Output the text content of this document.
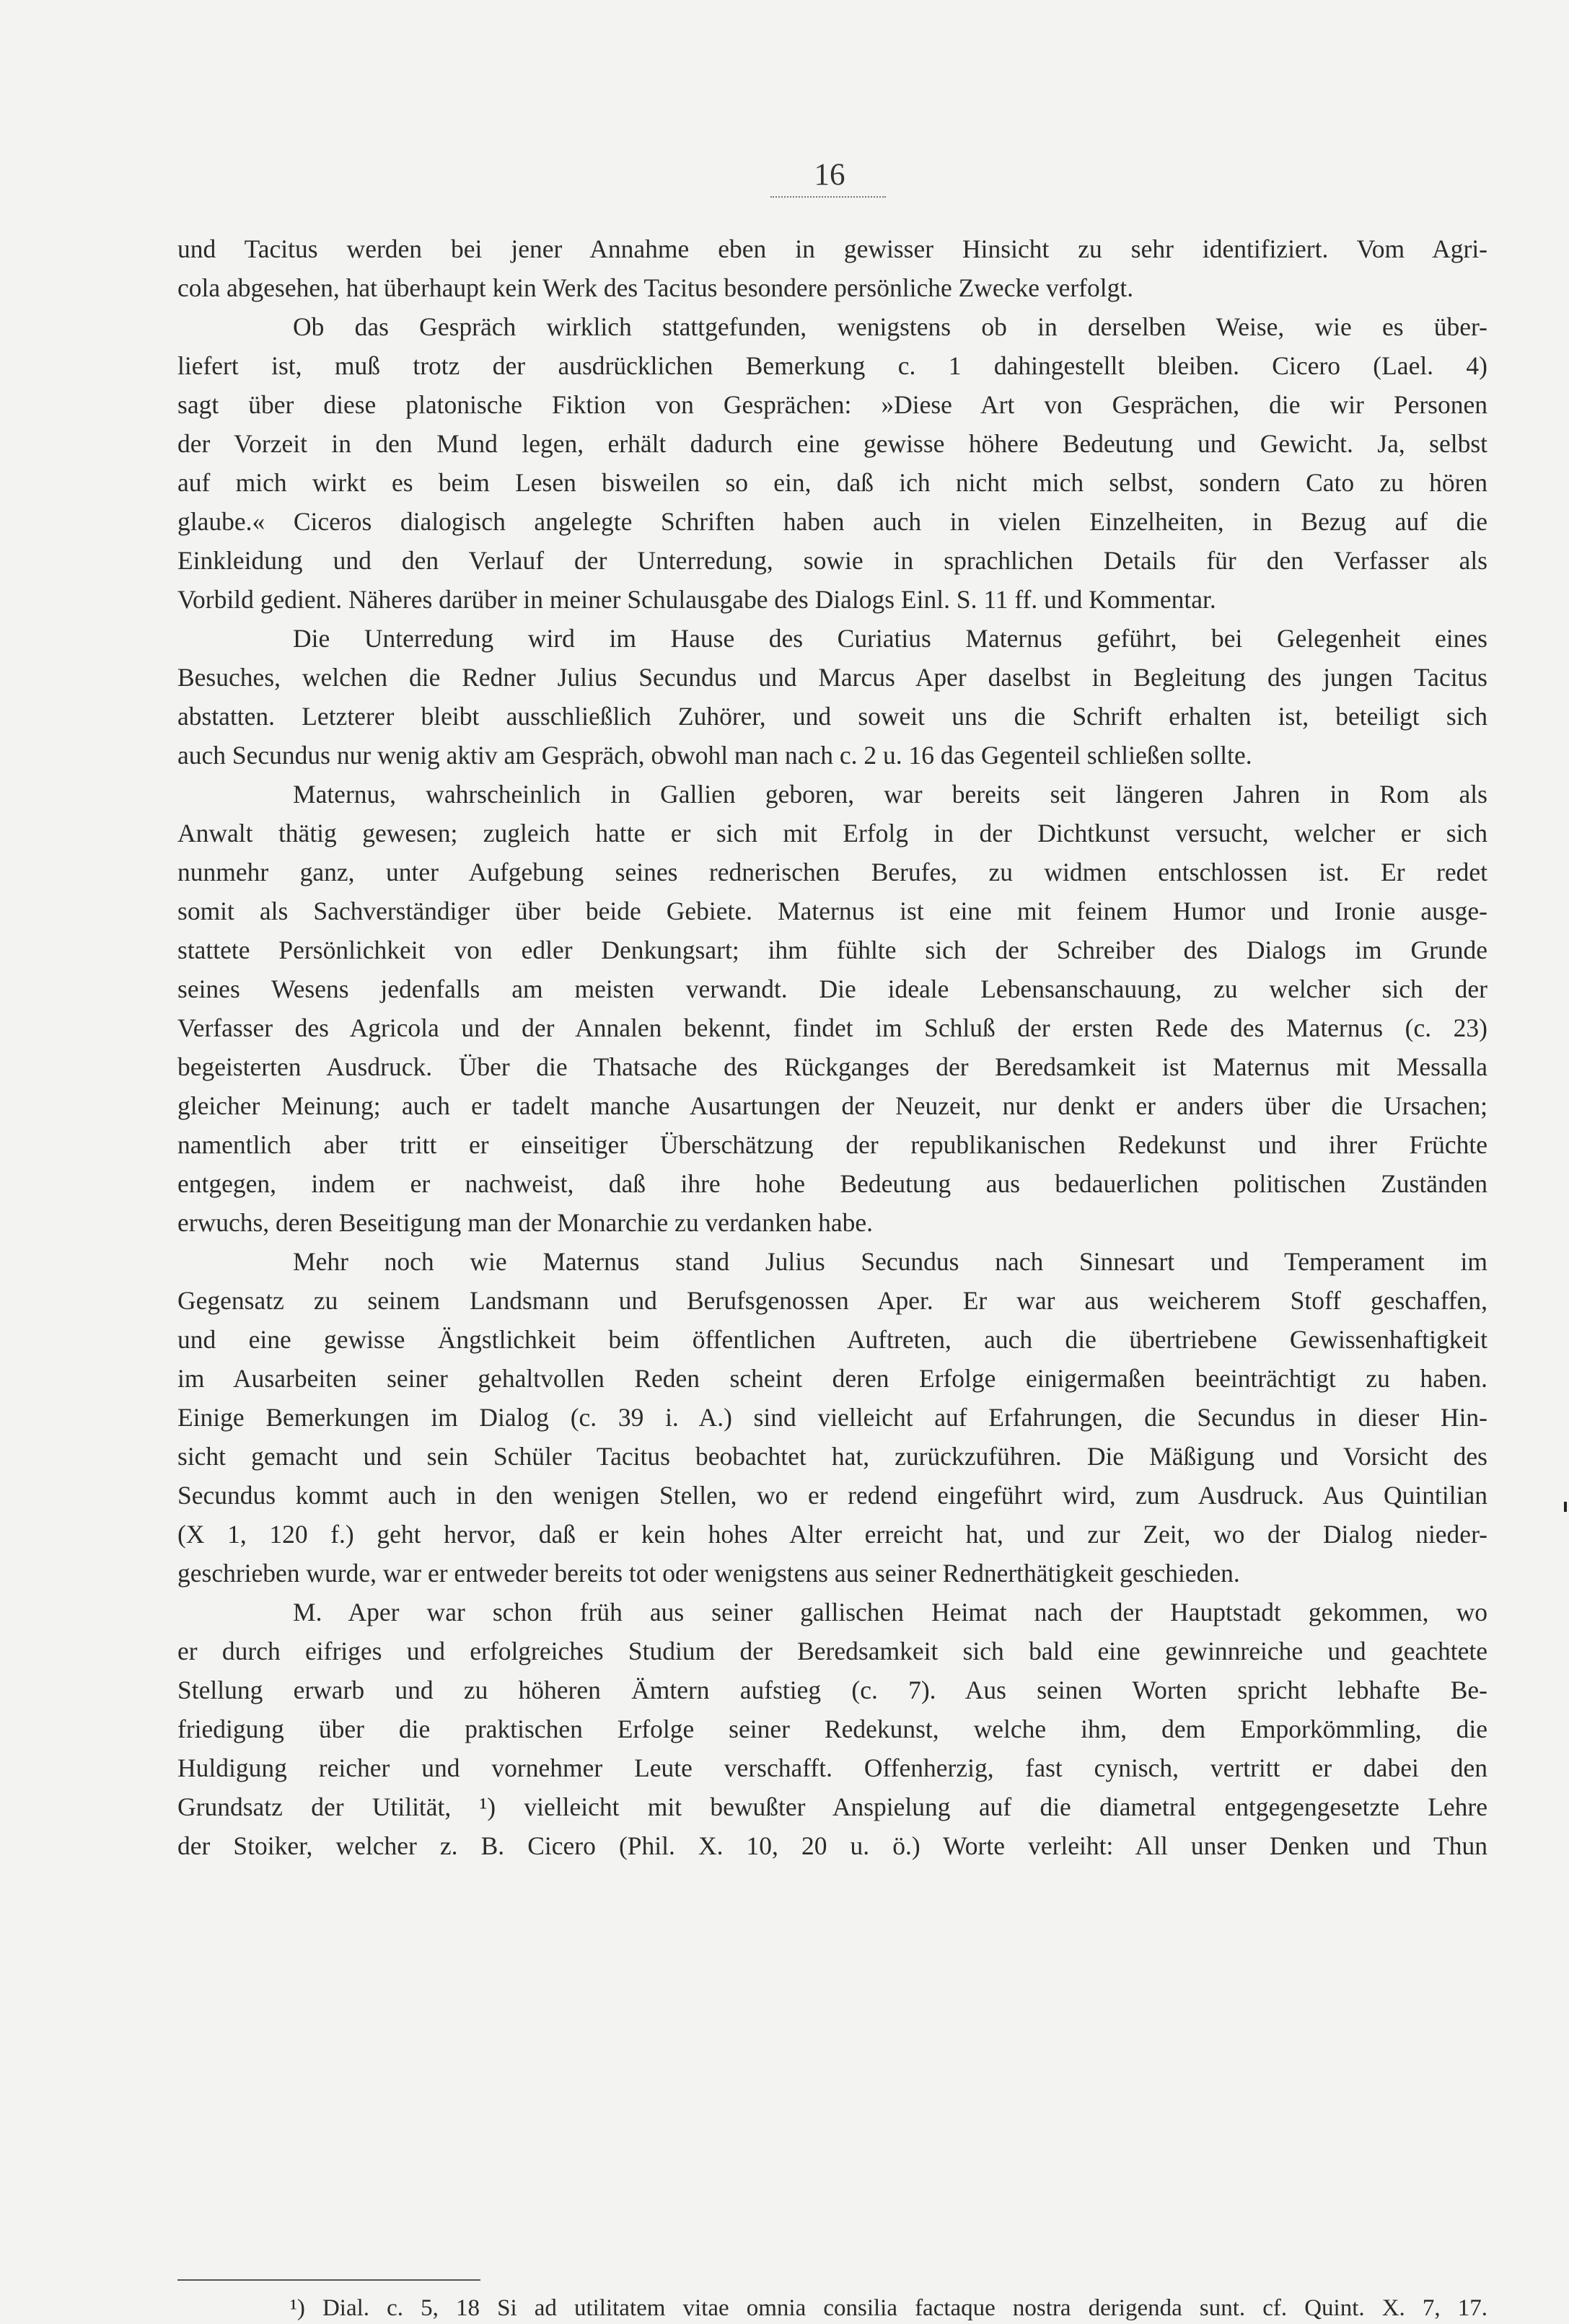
16
und Tacitus werden bei jener Annahme eben in gewisser Hinsicht zu sehr identifiziert. Vom Agri-
cola abgesehen, hat überhaupt kein Werk des Tacitus besondere persönliche Zwecke verfolgt.
Ob das Gespräch wirklich stattgefunden, wenigstens ob in derselben Weise, wie es über-
liefert ist, muß trotz der ausdrücklichen Bemerkung c. 1 dahingestellt bleiben. Cicero (Lael. 4)
sagt über diese platonische Fiktion von Gesprächen: »Diese Art von Gesprächen, die wir Personen
der Vorzeit in den Mund legen, erhält dadurch eine gewisse höhere Bedeutung und Gewicht. Ja, selbst
auf mich wirkt es beim Lesen bisweilen so ein, daß ich nicht mich selbst, sondern Cato zu hören
glaube.« Ciceros dialogisch angelegte Schriften haben auch in vielen Einzelheiten, in Bezug auf die
Einkleidung und den Verlauf der Unterredung, sowie in sprachlichen Details für den Verfasser als
Vorbild gedient. Näheres darüber in meiner Schulausgabe des Dialogs Einl. S. 11 ff. und Kommentar.
Die Unterredung wird im Hause des Curiatius Maternus geführt, bei Gelegenheit eines
Besuches, welchen die Redner Julius Secundus und Marcus Aper daselbst in Begleitung des jungen Tacitus
abstatten. Letzterer bleibt ausschließlich Zuhörer, und soweit uns die Schrift erhalten ist, beteiligt sich
auch Secundus nur wenig aktiv am Gespräch, obwohl man nach c. 2 u. 16 das Gegenteil schließen sollte.
Maternus, wahrscheinlich in Gallien geboren, war bereits seit längeren Jahren in Rom als
Anwalt thätig gewesen; zugleich hatte er sich mit Erfolg in der Dichtkunst versucht, welcher er sich
nunmehr ganz, unter Aufgebung seines rednerischen Berufes, zu widmen entschlossen ist. Er redet
somit als Sachverständiger über beide Gebiete. Maternus ist eine mit feinem Humor und Ironie ausge-
stattete Persönlichkeit von edler Denkungsart; ihm fühlte sich der Schreiber des Dialogs im Grunde
seines Wesens jedenfalls am meisten verwandt. Die ideale Lebensanschauung, zu welcher sich der
Verfasser des Agricola und der Annalen bekennt, findet im Schluß der ersten Rede des Maternus (c. 23)
begeisterten Ausdruck. Über die Thatsache des Rückganges der Beredsamkeit ist Maternus mit Messalla
gleicher Meinung; auch er tadelt manche Ausartungen der Neuzeit, nur denkt er anders über die Ursachen;
namentlich aber tritt er einseitiger Überschätzung der republikanischen Redekunst und ihrer Früchte
entgegen, indem er nachweist, daß ihre hohe Bedeutung aus bedauerlichen politischen Zuständen
erwuchs, deren Beseitigung man der Monarchie zu verdanken habe.
Mehr noch wie Maternus stand Julius Secundus nach Sinnesart und Temperament im
Gegensatz zu seinem Landsmann und Berufsgenossen Aper. Er war aus weicherem Stoff geschaffen,
und eine gewisse Ängstlichkeit beim öffentlichen Auftreten, auch die übertriebene Gewissenhaftigkeit
im Ausarbeiten seiner gehaltvollen Reden scheint deren Erfolge einigermaßen beeinträchtigt zu haben.
Einige Bemerkungen im Dialog (c. 39 i. A.) sind vielleicht auf Erfahrungen, die Secundus in dieser Hin-
sicht gemacht und sein Schüler Tacitus beobachtet hat, zurückzuführen. Die Mäßigung und Vorsicht des
Secundus kommt auch in den wenigen Stellen, wo er redend eingeführt wird, zum Ausdruck. Aus Quintilian
(X 1, 120 f.) geht hervor, daß er kein hohes Alter erreicht hat, und zur Zeit, wo der Dialog nieder-
geschrieben wurde, war er entweder bereits tot oder wenigstens aus seiner Rednerthätigkeit geschieden.
M. Aper war schon früh aus seiner gallischen Heimat nach der Hauptstadt gekommen, wo
er durch eifriges und erfolgreiches Studium der Beredsamkeit sich bald eine gewinnreiche und geachtete
Stellung erwarb und zu höheren Ämtern aufstieg (c. 7). Aus seinen Worten spricht lebhafte Be-
friedigung über die praktischen Erfolge seiner Redekunst, welche ihm, dem Emporkömmling, die
Huldigung reicher und vornehmer Leute verschafft. Offenherzig, fast cynisch, vertritt er dabei den
Grundsatz der Utilität, ¹) vielleicht mit bewußter Anspielung auf die diametral entgegengesetzte Lehre
der Stoiker, welcher z. B. Cicero (Phil. X. 10, 20 u. ö.) Worte verleiht: All unser Denken und Thun
¹) Dial. c. 5, 18 Si ad utilitatem vitae omnia consilia factaque nostra derigenda sunt. cf. Quint. X. 7, 17.
